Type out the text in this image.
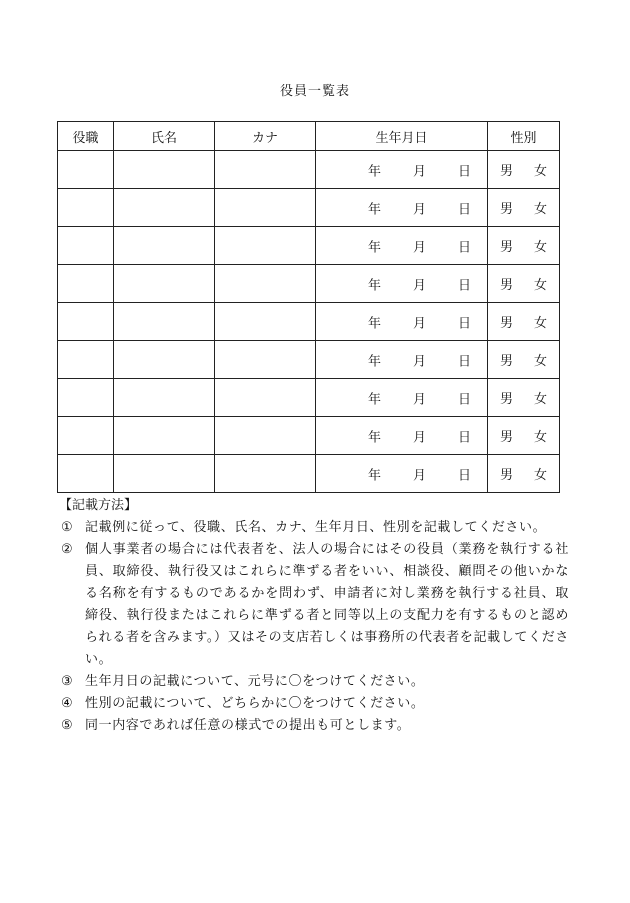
役員一覧表
役職	氏名	カナ	生年月日	性別

			年 月 日	男 女

			年 月 日	男 女

			年 月 日	男 女

			年 月 日	男 女

			年 月 日	男 女

			年 月 日	男 女

			年 月 日	男 女

			年 月 日	男 女

			年 月 日	男 女
【記載方法】
① 記載例に従って、役職、氏名、カナ、生年月日、性別を記載してください。
② 個人事業者の場合には代表者を、法人の場合にはその役員（業務を執行する社員、取締役、執行役又はこれらに準ずる者をいい、相談役、顧問その他いかなる名称を有するものであるかを問わず、申請者に対し業務を執行する社員、取締役、執行役またはこれらに準ずる者と同等以上の支配力を有するものと認められる者を含みます。）又はその支店若しくは事務所の代表者を記載してください。
③ 生年月日の記載について、元号に〇をつけてください。
④ 性別の記載について、どちらかに〇をつけてください。
⑤ 同一内容であれば任意の様式での提出も可とします。
